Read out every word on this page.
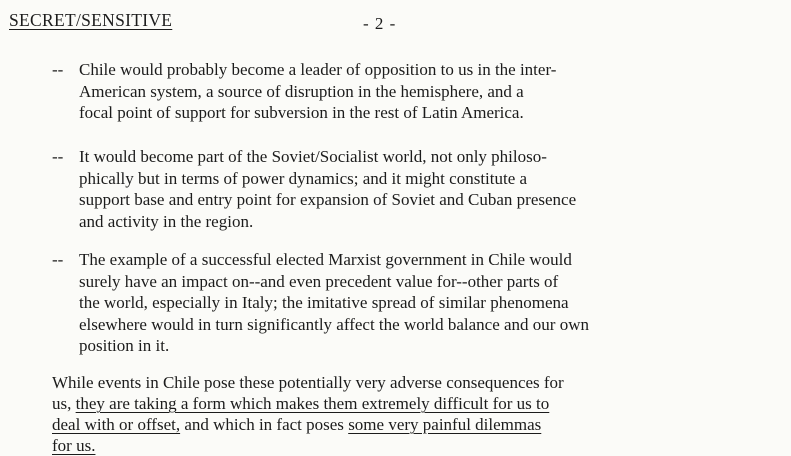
SECRET/SENSITIVE	- 2 -
-- Chile would probably become a leader of opposition to us in the inter-
American system, a source of disruption in the hemisphere, and a
focal point of support for subversion in the rest of Latin America.
-- It would become part of the Soviet/Socialist world, not only philoso-
phically but in terms of power dynamics; and it might constitute a
support base and entry point for expansion of Soviet and Cuban presence
and activity in the region.
-- The example of a successful elected Marxist government in Chile would
surely have an impact on--and even precedent value for--other parts of
the world, especially in Italy; the imitative spread of similar phenomena
elsewhere would in turn significantly affect the world balance and our own
position in it.
While events in Chile pose these potentially very adverse consequences for
us, they are taking a form which makes them extremely difficult for us to
deal with or offset, and which in fact poses some very painful dilemmas
for us.
